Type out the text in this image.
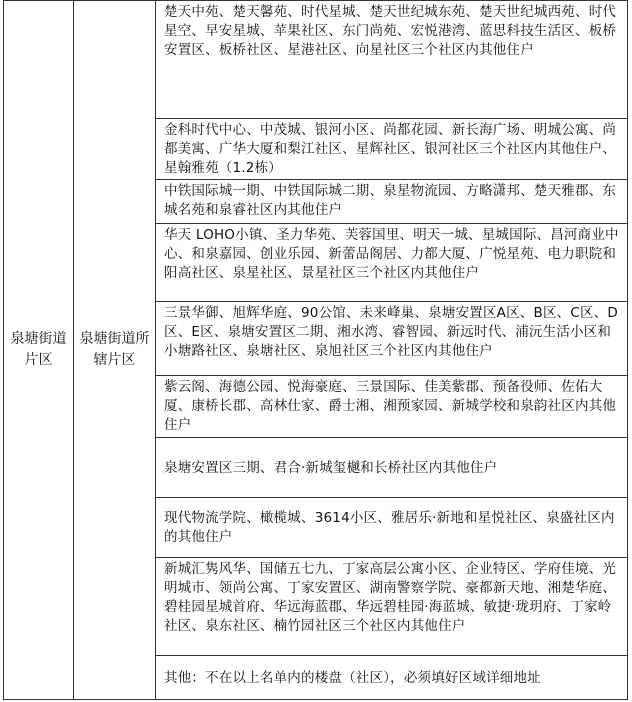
泉塘街道片区	泉塘街道所辖片区	
楚天中苑、楚天馨苑、时代星城、楚天世纪城东苑、楚天世纪城西苑、时代星空、早安星城、苹果社区、东门尚苑、宏悦港湾、蓝思科技生活区、板桥安置区、板桥社区、星港社区、向星社区三个社区内其他住户

金科时代中心、中茂城、银河小区、尚都花园、新长海广场、明城公寓、尚都美寓、广华大厦和梨江社区、星辉社区、银河社区三个社区内其他住户、星翰雅苑（1.2栋）

中铁国际城一期、中铁国际城二期、泉星物流园、方略潇邦、楚天雅郡、东城名苑和泉睿社区内其他住户

华天 LOHO小镇、圣力华苑、芙蓉国里、明天一城、星城国际、昌河商业中心、和泉嘉园、创业乐园、新蕾品阁居、力都大厦、广悦星苑、电力职院和阳高社区、泉星社区、景星社区三个社区内其他住户

三景华御、旭辉华庭、90公馆、未来峰巢、泉塘安置区A区、B区、C区、D区、E区、泉塘安置区二期、湘水湾、睿智园、新远时代、浦沅生活小区和小塘路社区、泉塘社区、泉旭社区三个社区内其他住户

紫云阁、海德公园、悦海豪庭、三景国际、佳美紫郡、预备役师、佐佑大厦、康桥长郡、高林仕家、爵士湘、湘预家园、新城学校和泉韵社区内其他住户

泉塘安置区三期、君合·新城玺樾和长桥社区内其他住户

现代物流学院、橄榄城、3614小区、雅居乐·新地和星悦社区、泉盛社区内的其他住户

新城汇隽风华、国储五七九、丁家高层公寓小区、企业特区、学府佳境、光明城市、领尚公寓、丁家安置区、湖南警察学院、豪都新天地、湘楚华庭、碧桂园星城首府、华远海蓝郡、华远碧桂园·海蓝城、敏捷·珑玥府、丁家岭社区、泉东社区、楠竹园社区三个社区内其他住户

其他：不在以上名单内的楼盘（社区），必须填好区域详细地址
